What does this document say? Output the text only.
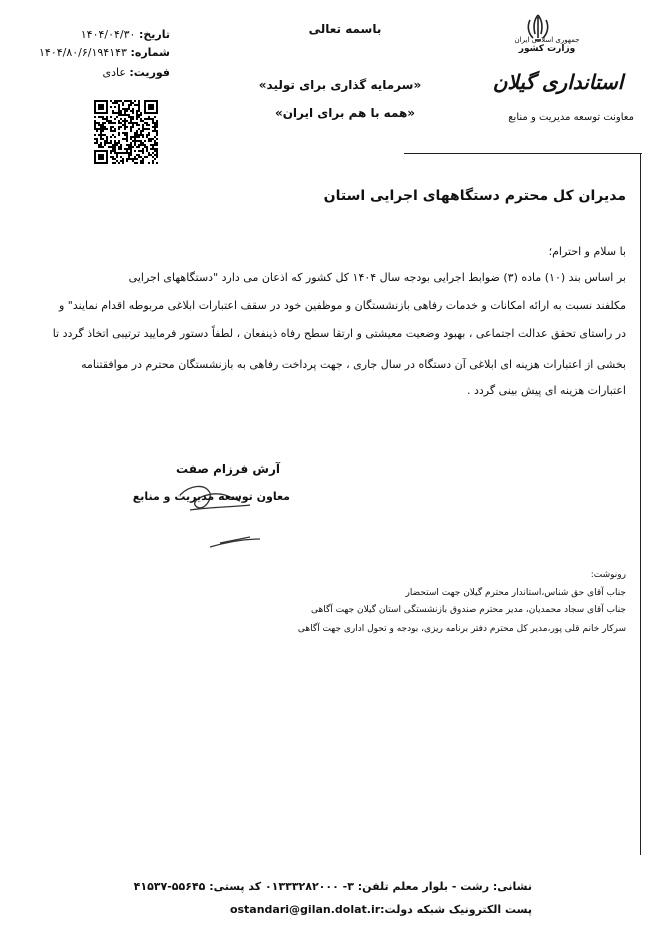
باسمه تعالی
«سرمایه گذاری برای تولید»
«همه با هم برای ایران»
تاریخ: ۱۴۰۴/۰۴/۳۰
شماره: ۱۴۰۴/۸۰/۶/۱۹۴۱۴۳
فوریت: عادی
جمهوری اسلامی ایران
وزارت کشور
استانداری گیلان
معاونت توسعه مدیریت و منابع
مدیران کل محترم دستگاههای اجرایی استان
با سلام و احترام؛
بر اساس بند (۱۰) ماده (۳) ضوابط اجرایی بودجه سال ۱۴۰۴ کل کشور که اذعان می دارد "دستگاههای اجرایی
مکلفند نسبت به ارائه امکانات و خدمات رفاهی بازنشستگان و موظفین خود در سقف اعتبارات ابلاغی مربوطه اقدام نمایند" و
در راستای تحقق عدالت اجتماعی ، بهبود وضعیت معیشتی و ارتقا سطح رفاه ذینفعان ، لطفاً دستور فرمایید ترتیبی اتخاذ گردد تا
بخشی از اعتبارات هزینه ای ابلاغی آن دستگاه در سال جاری ، جهت پرداخت رفاهی به بازنشستگان محترم در موافقتنامه
اعتبارات هزینه ای پیش بینی گردد .
آرش فرزام صفت
معاون توسعه مدیریت و منابع
رونوشت:
جناب آقای حق شناس،استاندار محترم گیلان جهت استحضار
جناب آقای سجاد محمدیان، مدیر محترم صندوق بازنشستگی استان گیلان جهت آگاهی
سرکار خانم قلی پور،مدیر کل محترم دفتر برنامه ریزی، بودجه و تحول اداری جهت آگاهی
نشانی: رشت - بلوار معلم تلفن: ۳- ۰۱۳۳۳۲۸۲۰۰۰ کد پستی: ۵۵۶۴۵-۴۱۵۳۷
پست الکترونیک شبکه دولت:ostandari@gilan.dolat.ir
